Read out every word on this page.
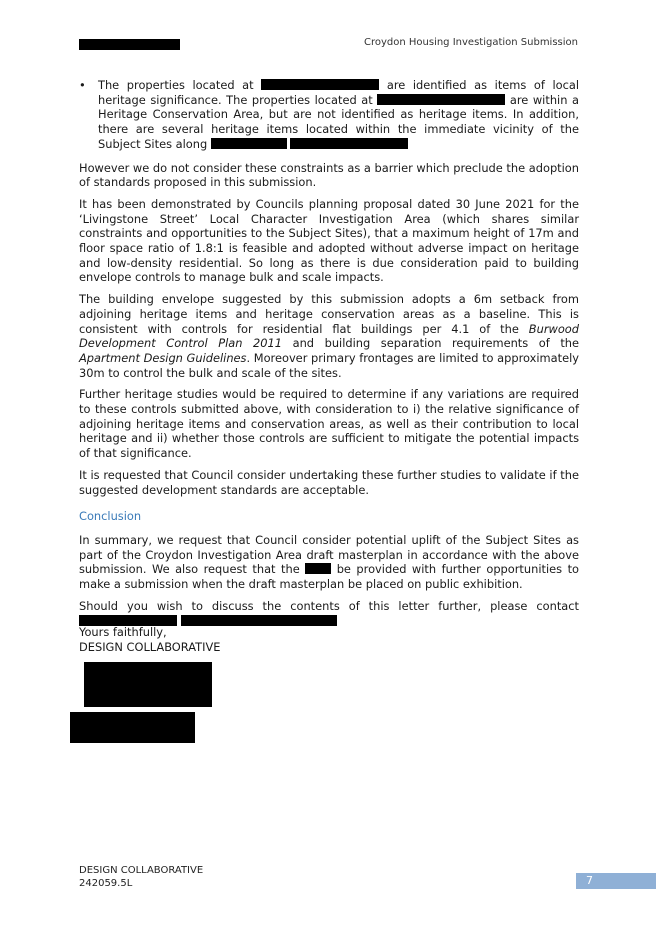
Croydon Housing Investigation Submission
• The properties located at	are identified as items of local heritage significance. The properties located at	are within a Heritage Conservation Area, but are not identified as heritage items. In addition, there are several heritage items located within the immediate vicinity of the Subject Sites along

However we do not consider these constraints as a barrier which preclude the adoption of standards proposed in this submission.

It has been demonstrated by Councils planning proposal dated 30 June 2021 for the ‘Livingstone Street’ Local Character Investigation Area (which shares similar constraints and opportunities to the Subject Sites), that a maximum height of 17m and floor space ratio of 1.8:1 is feasible and adopted without adverse impact on heritage and low-density residential. So long as there is due consideration paid to building envelope controls to manage bulk and scale impacts.

The building envelope suggested by this submission adopts a 6m setback from adjoining heritage items and heritage conservation areas as a baseline. This is consistent with controls for residential flat buildings per 4.1 of the Burwood Development Control Plan 2011 and building separation requirements of the Apartment Design Guidelines. Moreover primary frontages are limited to approximately 30m to control the bulk and scale of the sites.

Further heritage studies would be required to determine if any variations are required to these controls submitted above, with consideration to i) the relative significance of adjoining heritage items and conservation areas, as well as their contribution to local heritage and ii) whether those controls are sufficient to mitigate the potential impacts of that significance.

It is requested that Council consider undertaking these further studies to validate if the suggested development standards are acceptable.

Conclusion

In summary, we request that Council consider potential uplift of the Subject Sites as part of the Croydon Investigation Area draft masterplan in accordance with the above submission. We also request that the	be provided with further opportunities to make a submission when the draft masterplan be placed on public exhibition.

Should you wish to discuss the contents of this letter further, please contact

Yours faithfully,
DESIGN COLLABORATIVE
DESIGN COLLABORATIVE
242059.5L	7
